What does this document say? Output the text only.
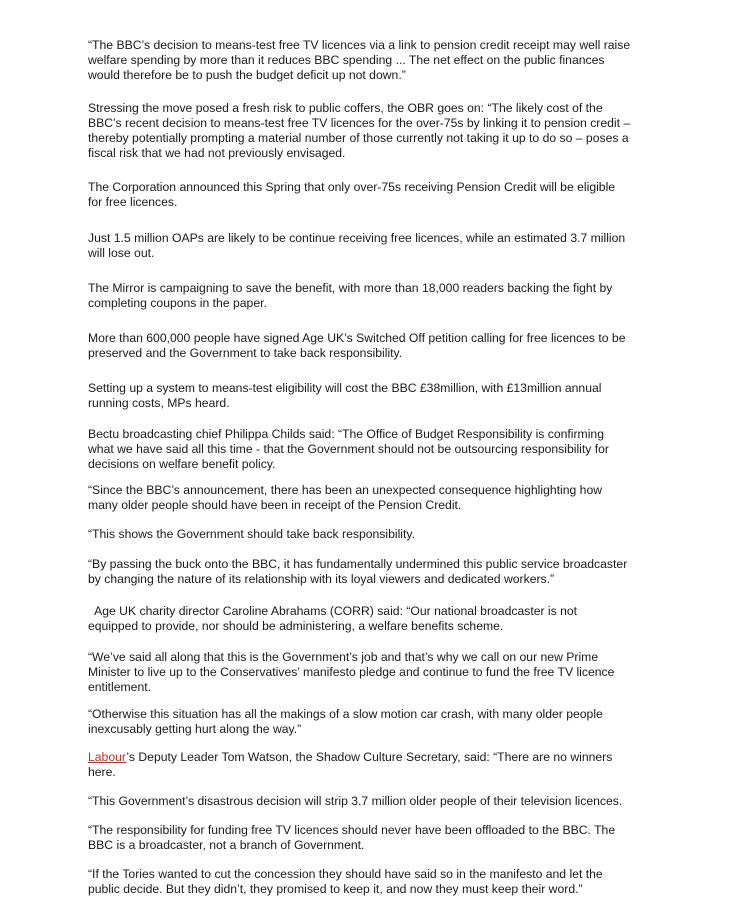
“The BBC’s decision to means-test free TV licences via a link to pension credit receipt may well raise
welfare spending by more than it reduces BBC spending ... The net effect on the public finances
would therefore be to push the budget deficit up not down.”

Stressing the move posed a fresh risk to public coffers, the OBR goes on: “The likely cost of the
BBC’s recent decision to means-test free TV licences for the over-75s by linking it to pension credit –
thereby potentially prompting a material number of those currently not taking it up to do so – poses a
fiscal risk that we had not previously envisaged.

The Corporation announced this Spring that only over-75s receiving Pension Credit will be eligible
for free licences.

Just 1.5 million OAPs are likely to be continue receiving free licences, while an estimated 3.7 million
will lose out.

The Mirror is campaigning to save the benefit, with more than 18,000 readers backing the fight by
completing coupons in the paper.

More than 600,000 people have signed Age UK’s Switched Off petition calling for free licences to be
preserved and the Government to take back responsibility.

Setting up a system to means-test eligibility will cost the BBC £38million, with £13million annual
running costs, MPs heard.

Bectu broadcasting chief Philippa Childs said: “The Office of Budget Responsibility is confirming
what we have said all this time - that the Government should not be outsourcing responsibility for
decisions on welfare benefit policy.

“Since the BBC’s announcement, there has been an unexpected consequence highlighting how
many older people should have been in receipt of the Pension Credit.

“This shows the Government should take back responsibility.

“By passing the buck onto the BBC, it has fundamentally undermined this public service broadcaster
by changing the nature of its relationship with its loyal viewers and dedicated workers.”

Age UK charity director Caroline Abrahams (CORR) said: “Our national broadcaster is not
equipped to provide, nor should be administering, a welfare benefits scheme.

“We’ve said all along that this is the Government’s job and that’s why we call on our new Prime
Minister to live up to the Conservatives’ manifesto pledge and continue to fund the free TV licence
entitlement.

“Otherwise this situation has all the makings of a slow motion car crash, with many older people
inexcusably getting hurt along the way.”

Labour’s Deputy Leader Tom Watson, the Shadow Culture Secretary, said: “There are no winners
here.

“This Government’s disastrous decision will strip 3.7 million older people of their television licences.

“The responsibility for funding free TV licences should never have been offloaded to the BBC. The
BBC is a broadcaster, not a branch of Government.

“If the Tories wanted to cut the concession they should have said so in the manifesto and let the
public decide. But they didn’t, they promised to keep it, and now they must keep their word.”
